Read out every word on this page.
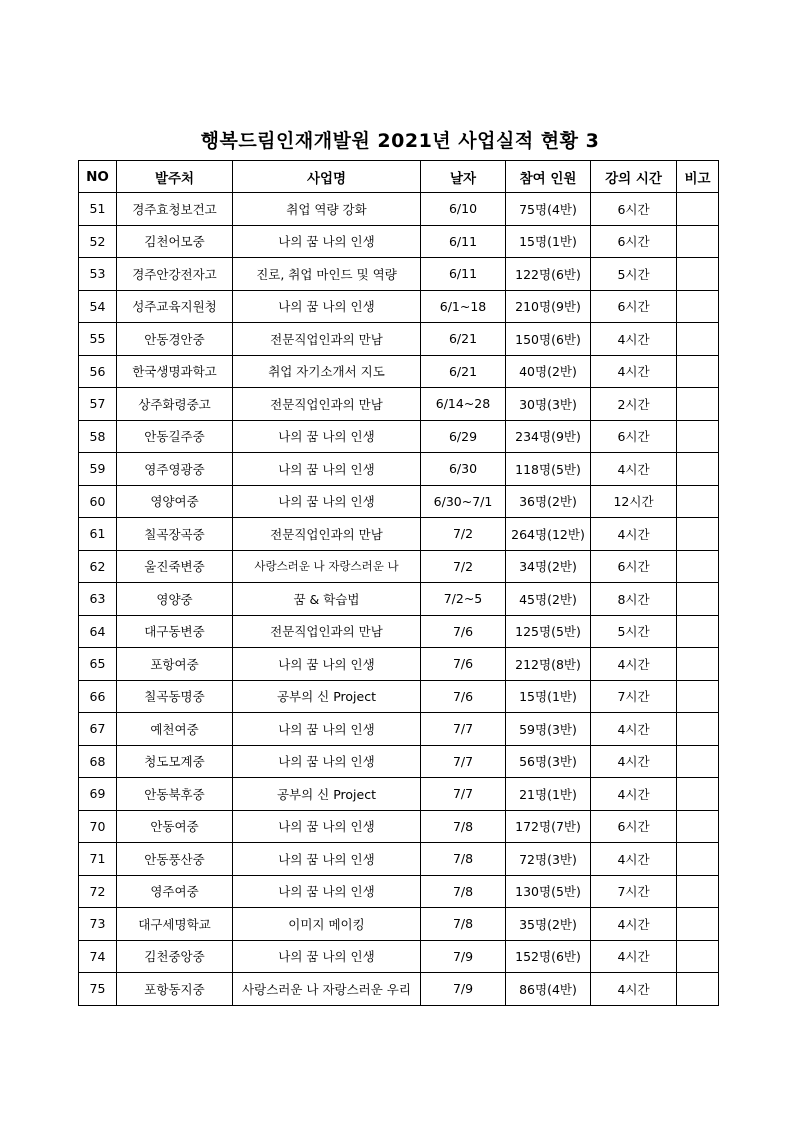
행복드림인재개발원 2021년 사업실적 현황 3
NO	발주처	사업명	날자	참여 인원	강의 시간	비고
51	경주효청보건고	취업 역량 강화	6/10	75명(4반)	6시간	
52	김천어모중	나의 꿈 나의 인생	6/11	15명(1반)	6시간	
53	경주안강전자고	진로, 취업 마인드 및 역량	6/11	122명(6반)	5시간	
54	성주교육지원청	나의 꿈 나의 인생	6/1~18	210명(9반)	6시간	
55	안동경안중	전문직업인과의 만남	6/21	150명(6반)	4시간	
56	한국생명과학고	취업 자기소개서 지도	6/21	40명(2반)	4시간	
57	상주화령중고	전문직업인과의 만남	6/14~28	30명(3반)	2시간	
58	안동길주중	나의 꿈 나의 인생	6/29	234명(9반)	6시간	
59	영주영광중	나의 꿈 나의 인생	6/30	118명(5반)	4시간	
60	영양여중	나의 꿈 나의 인생	6/30~7/1	36명(2반)	12시간	
61	칠곡장곡중	전문직업인과의 만남	7/2	264명(12반)	4시간	
62	울진죽변중	사랑스러운 나 자랑스러운 나	7/2	34명(2반)	6시간	
63	영양중	꿈 & 학습법	7/2~5	45명(2반)	8시간	
64	대구동변중	전문직업인과의 만남	7/6	125명(5반)	5시간	
65	포항여중	나의 꿈 나의 인생	7/6	212명(8반)	4시간	
66	칠곡동명중	공부의 신 Project	7/6	15명(1반)	7시간	
67	예천여중	나의 꿈 나의 인생	7/7	59명(3반)	4시간	
68	청도모계중	나의 꿈 나의 인생	7/7	56명(3반)	4시간	
69	안동북후중	공부의 신 Project	7/7	21명(1반)	4시간	
70	안동여중	나의 꿈 나의 인생	7/8	172명(7반)	6시간	
71	안동풍산중	나의 꿈 나의 인생	7/8	72명(3반)	4시간	
72	영주여중	나의 꿈 나의 인생	7/8	130명(5반)	7시간	
73	대구세명학교	이미지 메이킹	7/8	35명(2반)	4시간	
74	김천중앙중	나의 꿈 나의 인생	7/9	152명(6반)	4시간	
75	포항동지중	사랑스러운 나 자랑스러운 우리	7/9	86명(4반)	4시간	
